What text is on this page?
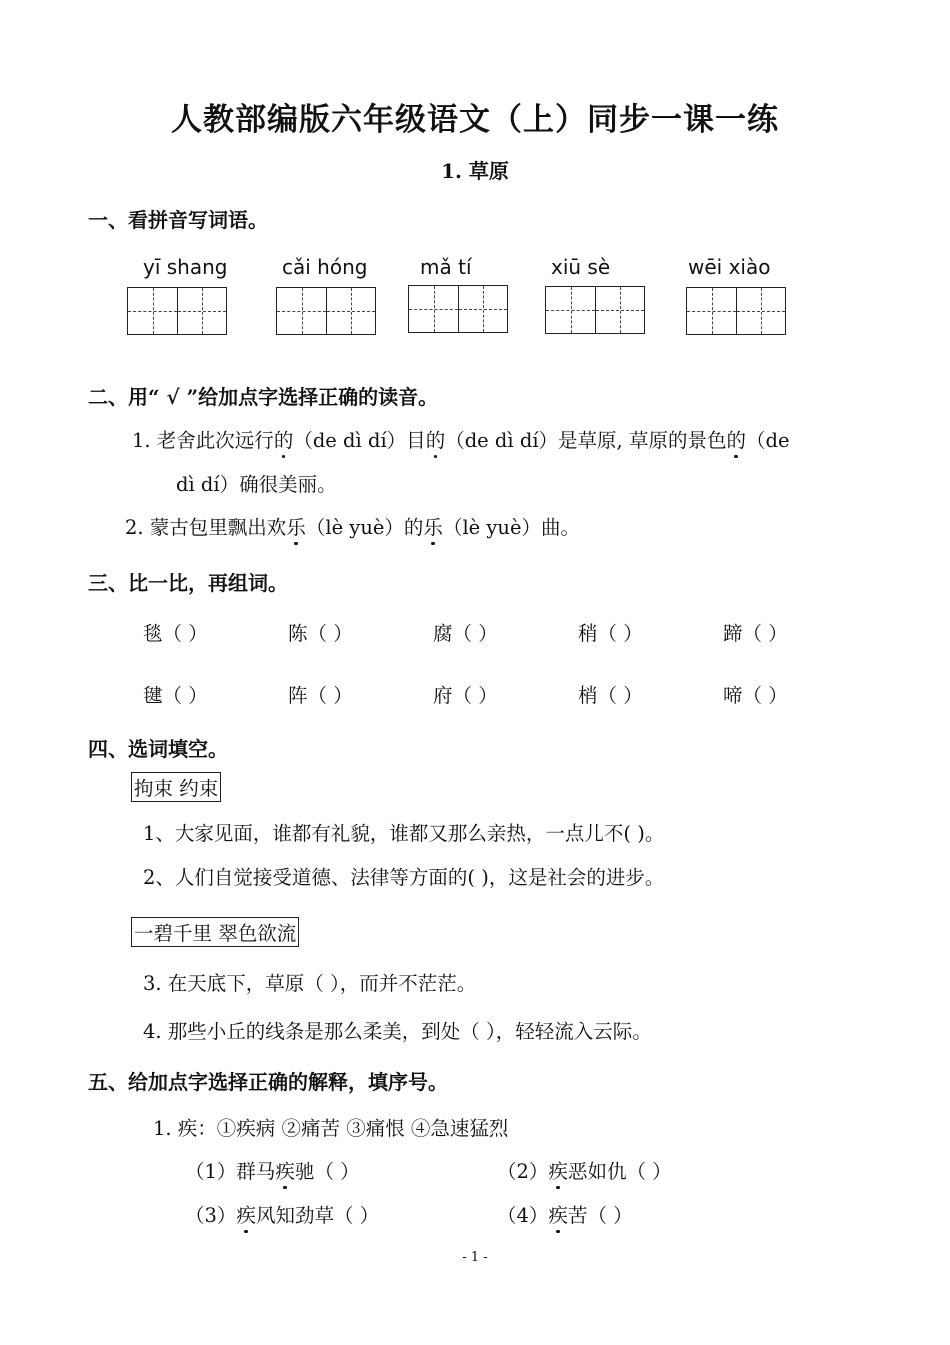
人教部编版六年级语文（上）同步一课一练
1. 草原
一、看拼音写词语。
yī shang	cǎi hóng	mǎ tí	xiū sè	wēi xiào
二、用“ √ ”给加点字选择正确的读音。
1. 老舍此次远行的（de dì dí）目的（de dì dí）是草原, 草原的景色的（de
dì dí）确很美丽。
2. 蒙古包里飘出欢乐（lè yuè）的乐（lè yuè）曲。
三、比一比，再组词。
毯（ ）	陈（ ）	腐（ ）	稍（ ）	蹄（ ）
毽（ ）	阵（ ）	府（ ）	梢（ ）	啼（ ）
四、选词填空。
拘束 约束
1、大家见面，谁都有礼貌，谁都又那么亲热，一点儿不( )。
2、人们自觉接受道德、法律等方面的( )，这是社会的进步。
一碧千里 翠色欲流
3. 在天底下，草原（ ），而并不茫茫。
4. 那些小丘的线条是那么柔美，到处（ ），轻轻流入云际。
五、给加点字选择正确的解释，填序号。
1. 疾：①疾病 ②痛苦 ③痛恨 ④急速猛烈
（1）群马疾驰（ ）	（2）疾恶如仇（ ）
（3）疾风知劲草（ ）	（4）疾苦（ ）
- 1 -
